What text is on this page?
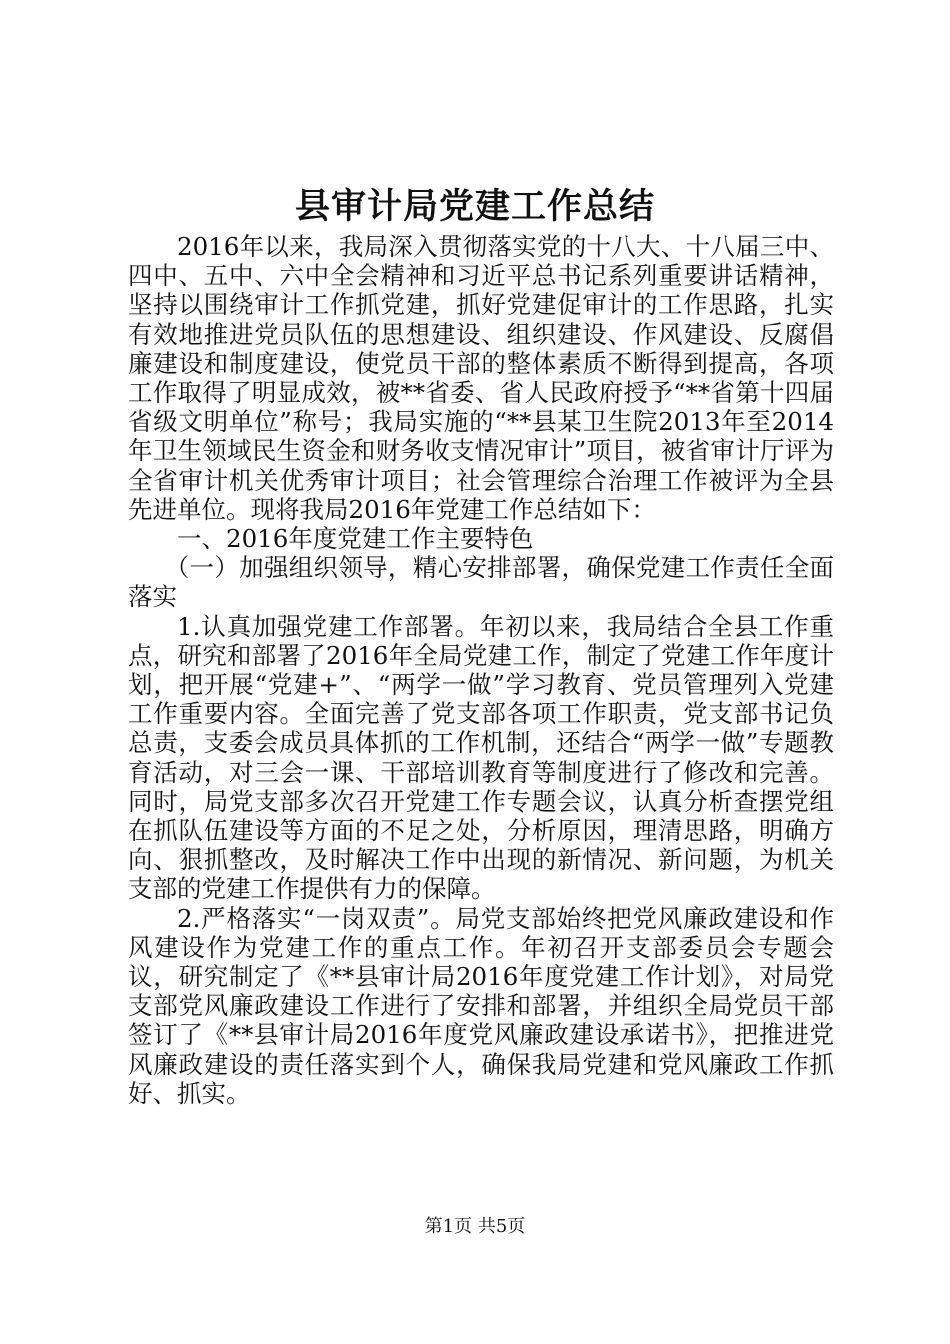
县审计局党建工作总结

2016年以来，我局深入贯彻落实党的十八大、十八届三中、四中、五中、六中全会精神和习近平总书记系列重要讲话精神，坚持以围绕审计工作抓党建，抓好党建促审计的工作思路，扎实有效地推进党员队伍的思想建设、组织建设、作风建设、反腐倡廉建设和制度建设，使党员干部的整体素质不断得到提高，各项工作取得了明显成效，被**省委、省人民政府授予“**省第十四届省级文明单位”称号；我局实施的“**县某卫生院2013年至2014年卫生领域民生资金和财务收支情况审计”项目，被省审计厅评为全省审计机关优秀审计项目；社会管理综合治理工作被评为全县先进单位。现将我局2016年党建工作总结如下：

一、2016年度党建工作主要特色

（一）加强组织领导，精心安排部署，确保党建工作责任全面落实

1.认真加强党建工作部署。年初以来，我局结合全县工作重点，研究和部署了2016年全局党建工作，制定了党建工作年度计划，把开展“党建+”、“两学一做”学习教育、党员管理列入党建工作重要内容。全面完善了党支部各项工作职责，党支部书记负总责，支委会成员具体抓的工作机制，还结合“两学一做”专题教育活动，对三会一课、干部培训教育等制度进行了修改和完善。同时，局党支部多次召开党建工作专题会议，认真分析查摆党组在抓队伍建设等方面的不足之处，分析原因，理清思路，明确方向、狠抓整改，及时解决工作中出现的新情况、新问题，为机关支部的党建工作提供有力的保障。

2.严格落实“一岗双责”。局党支部始终把党风廉政建设和作风建设作为党建工作的重点工作。年初召开支部委员会专题会议，研究制定了《**县审计局2016年度党建工作计划》，对局党支部党风廉政建设工作进行了安排和部署，并组织全局党员干部签订了《**县审计局2016年度党风廉政建设承诺书》，把推进党风廉政建设的责任落实到个人，确保我局党建和党风廉政工作抓好、抓实。

第1页 共5页
